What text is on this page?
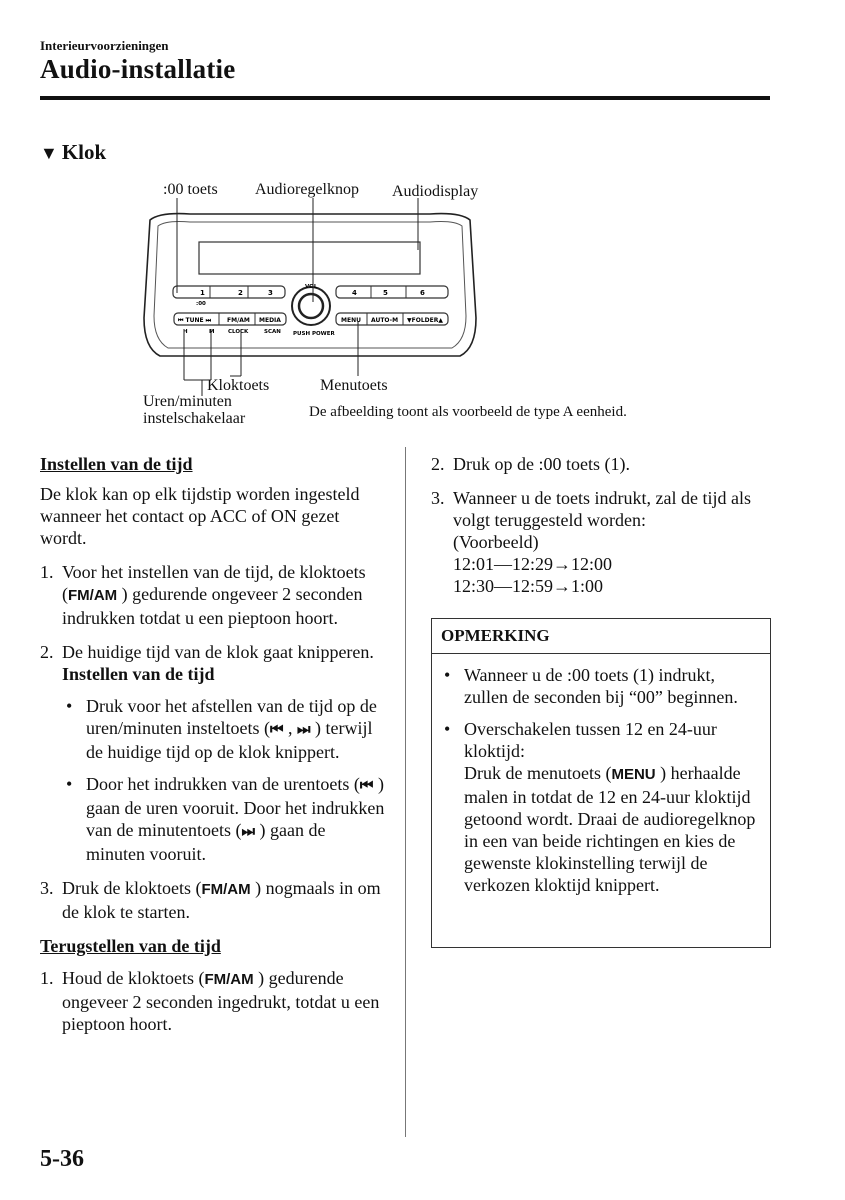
Interieurvoorzieningen
Audio-installatie
▼ Klok
:00 toets Audioregelknop Audiodisplay
1	2	3
:00
4	5	6
VOL
PUSH POWER
⏮ TUNE ⏭	FM/AM MEDIA
H	M CLOCK	SCAN
MENU AUTO-M ▼FOLDER▲
Kloktoets	Menutoets
Uren/minuten
instelschakelaar	De afbeelding toont als voorbeeld de type A eenheid.

Instellen van de tijd

De klok kan op elk tijdstip worden ingesteld wanneer het contact op ACC of ON gezet wordt.

1. Voor het instellen van de tijd, de kloktoets (FM/AM ) gedurende ongeveer 2 seconden indrukken totdat u een pieptoon hoort.
2. De huidige tijd van de klok gaat knipperen.
Instellen van de tijd
• Druk voor het afstellen van de tijd op de uren/minuten insteltoets (⏮ , ⏭ ) terwijl de huidige tijd op de klok knippert.
• Door het indrukken van de urentoets (⏮ ) gaan de uren vooruit. Door het indrukken van de minutentoets (⏭ ) gaan de minuten vooruit.
3. Druk de kloktoets (FM/AM ) nogmaals in om de klok te starten.

Terugstellen van de tijd

1. Houd de kloktoets (FM/AM ) gedurende ongeveer 2 seconden ingedrukt, totdat u een pieptoon hoort.
2. Druk op de :00 toets (1).
3. Wanneer u de toets indrukt, zal de tijd als volgt teruggesteld worden:
(Voorbeeld)
12:01—12:29→12:00
12:30—12:59→1:00
OPMERKING
• Wanneer u de :00 toets (1) indrukt, zullen de seconden bij “00” beginnen.
• Overschakelen tussen 12 en 24-uur kloktijd:
Druk de menutoets (MENU ) herhaalde malen in totdat de 12 en 24-uur kloktijd getoond wordt. Draai de audioregelknop in een van beide richtingen en kies de gewenste klokinstelling terwijl de verkozen kloktijd knippert.
5-36
